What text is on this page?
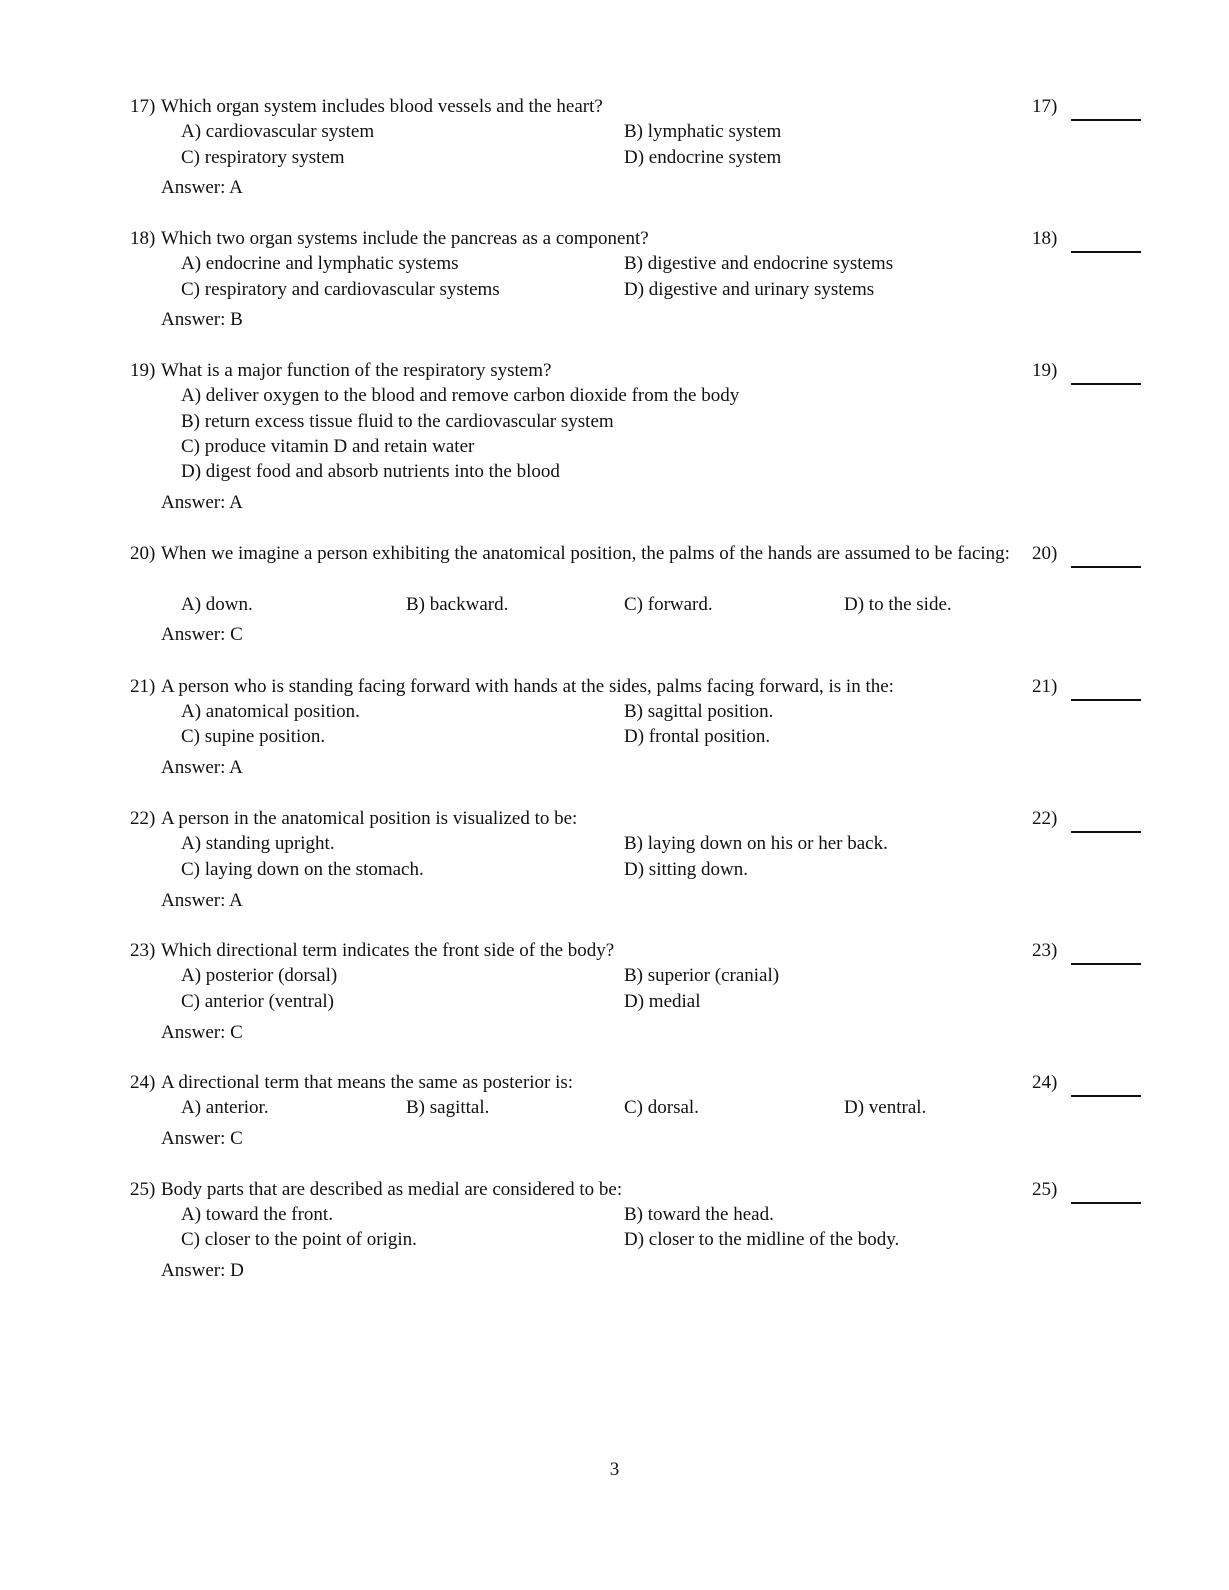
17) Which organ system includes blood vessels and the heart?	17)
A) cardiovascular system	B) lymphatic system
C) respiratory system	D) endocrine system
Answer: A
18) Which two organ systems include the pancreas as a component?	18)
A) endocrine and lymphatic systems	B) digestive and endocrine systems
C) respiratory and cardiovascular systems	D) digestive and urinary systems
Answer: B
19) What is a major function of the respiratory system?	19)
A) deliver oxygen to the blood and remove carbon dioxide from the body
B) return excess tissue fluid to the cardiovascular system
C) produce vitamin D and retain water
D) digest food and absorb nutrients into the blood
Answer: A
20) When we imagine a person exhibiting the anatomical position, the palms of the hands are assumed to be facing: 20)
A) down.	B) backward.	C) forward.	D) to the side.
Answer: C
21) A person who is standing facing forward with hands at the sides, palms facing forward, is in the:	21)
A) anatomical position.	B) sagittal position.
C) supine position.	D) frontal position.
Answer: A
22) A person in the anatomical position is visualized to be:	22)
A) standing upright.	B) laying down on his or her back.
C) laying down on the stomach.	D) sitting down.
Answer: A
23) Which directional term indicates the front side of the body?	23)
A) posterior (dorsal)	B) superior (cranial)
C) anterior (ventral)	D) medial
Answer: C
24) A directional term that means the same as posterior is:	24)
A) anterior.	B) sagittal.	C) dorsal.	D) ventral.
Answer: C
25) Body parts that are described as medial are considered to be:	25)
A) toward the front.	B) toward the head.
C) closer to the point of origin.	D) closer to the midline of the body.
Answer: D
3
